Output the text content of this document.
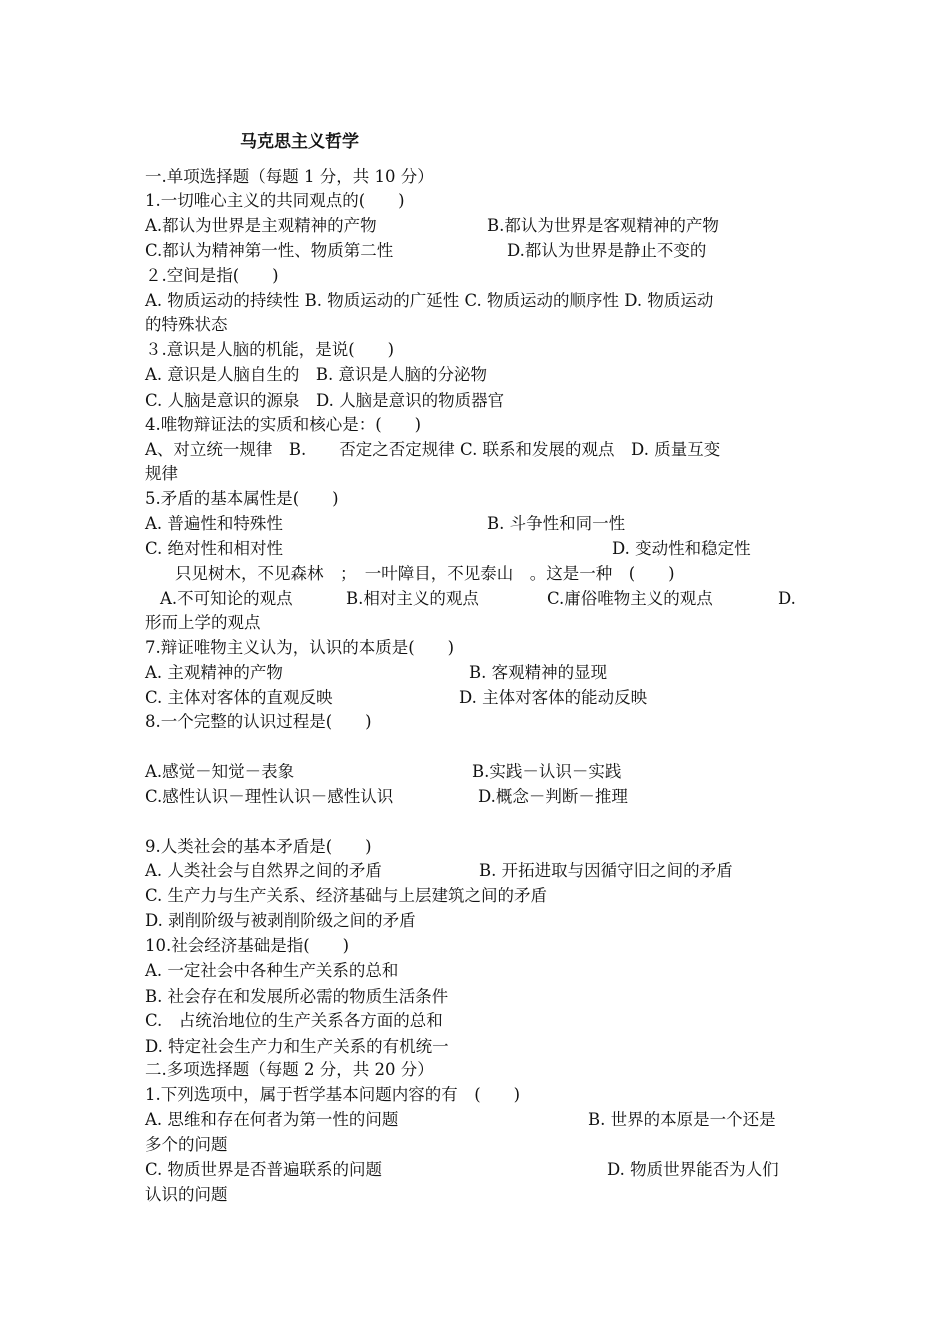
马克思主义哲学
一.单项选择题（每题 1 分，共 10 分）
1.一切唯心主义的共同观点的(　　)
A.都认为世界是主观精神的产物	B.都认为世界是客观精神的产物
C.都认为精神第一性、物质第二性	D.都认为世界是静止不变的
２.空间是指(　　)
A. 物质运动的持续性 B. 物质运动的广延性 C. 物质运动的顺序性 D. 物质运动
的特殊状态
３.意识是人脑的机能，是说(　　)
A. 意识是人脑自生的　B. 意识是人脑的分泌物
C. 人脑是意识的源泉　D. 人脑是意识的物质器官
4.唯物辩证法的实质和核心是：(　　)
A、对立统一规律　B.　　否定之否定规律 C. 联系和发展的观点　D. 质量互变
规律
5.矛盾的基本属性是(　　)
A. 普遍性和特殊性	B. 斗争性和同一性
C. 绝对性和相对性	D. 变动性和稳定性
只见树木，不见森林　；　一叶障目，不见泰山　。这是一种　(　　)
A.不可知论的观点	B.相对主义的观点	C.庸俗唯物主义的观点	D.
形而上学的观点
7.辩证唯物主义认为，认识的本质是(　　)
A. 主观精神的产物	B. 客观精神的显现
C. 主体对客体的直观反映	D. 主体对客体的能动反映
8.一个完整的认识过程是(　　)
A.感觉－知觉－表象	B.实践－认识－实践
C.感性认识－理性认识－感性认识	D.概念－判断－推理
9.人类社会的基本矛盾是(　　)
A. 人类社会与自然界之间的矛盾	B. 开拓进取与因循守旧之间的矛盾
C. 生产力与生产关系、经济基础与上层建筑之间的矛盾
D. 剥削阶级与被剥削阶级之间的矛盾
10.社会经济基础是指(　　)
A. 一定社会中各种生产关系的总和
B. 社会存在和发展所必需的物质生活条件
C.　占统治地位的生产关系各方面的总和
D. 特定社会生产力和生产关系的有机统一
二.多项选择题（每题 2 分，共 20 分）
1.下列选项中，属于哲学基本问题内容的有　(　　)
A. 思维和存在何者为第一性的问题	B. 世界的本原是一个还是
多个的问题
C. 物质世界是否普遍联系的问题	D. 物质世界能否为人们
认识的问题
